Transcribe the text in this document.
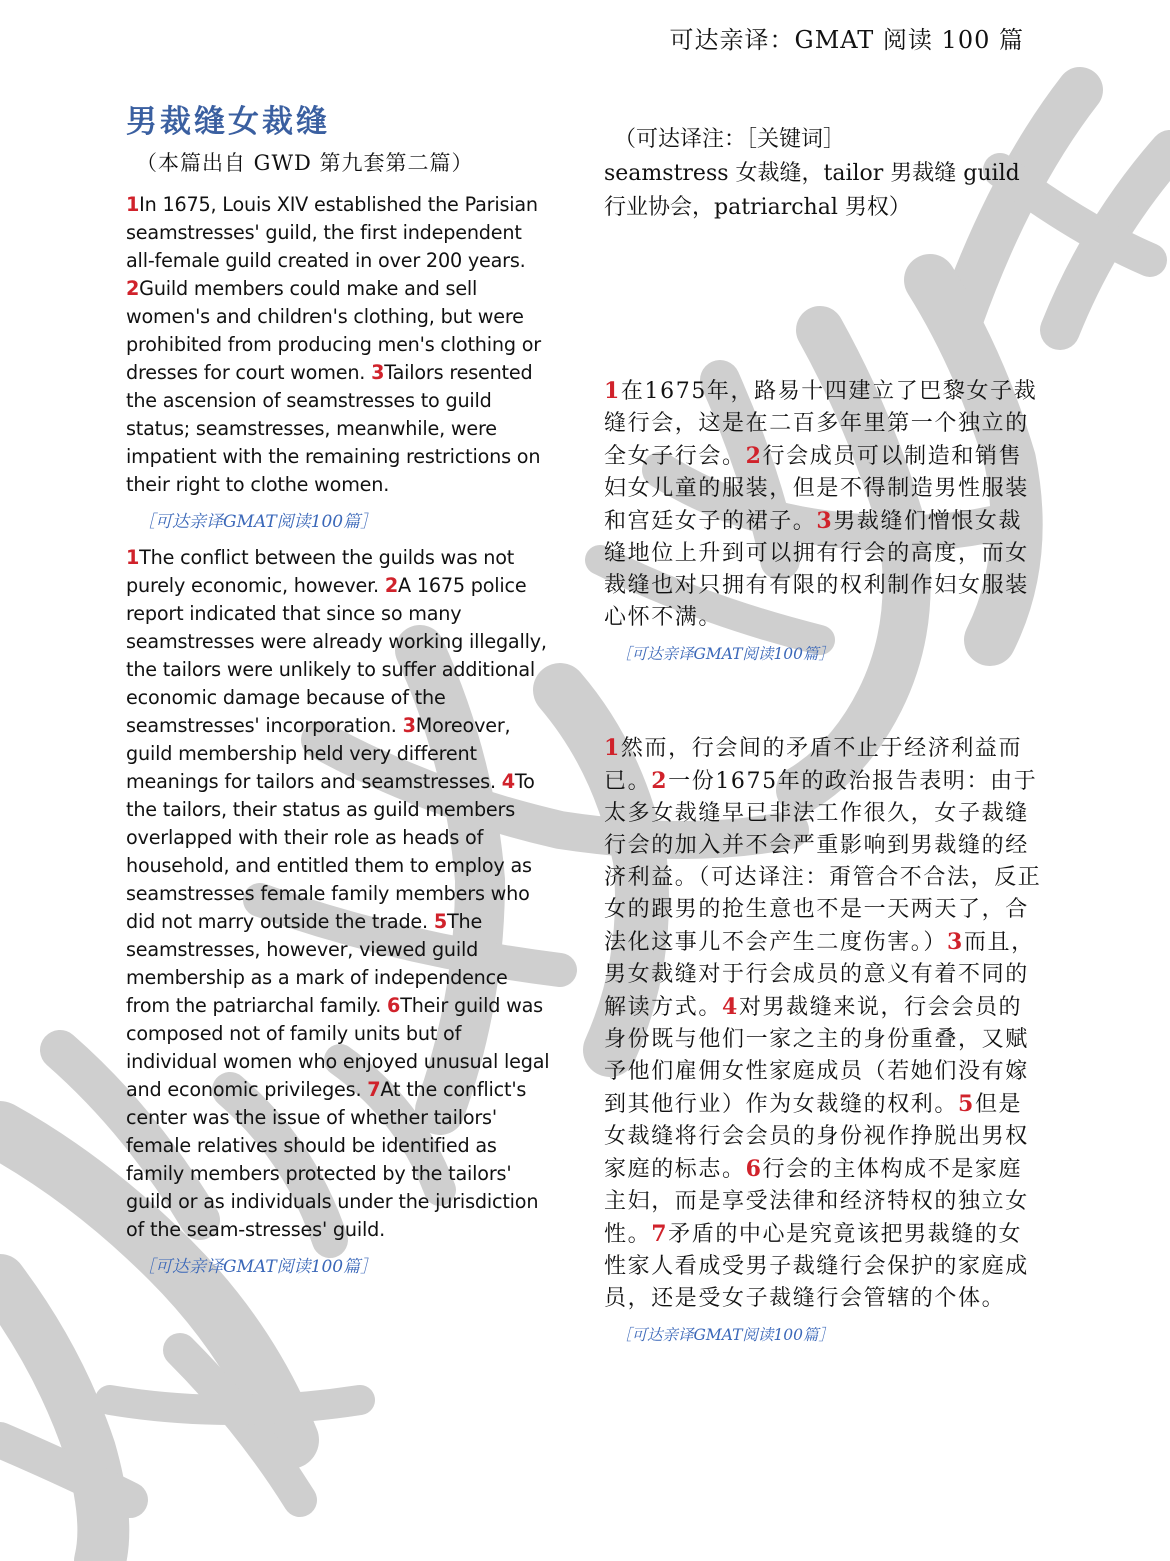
可达亲译：GMAT 阅读 100 篇
男裁缝女裁缝

（本篇出自 GWD 第九套第二篇）

1In 1675, Louis XIV established the Parisian seamstresses' guild, the first independent all-female guild created in over 200 years. 2Guild members could make and sell women's and children's clothing, but were prohibited from producing men's clothing or dresses for court women. 3Tailors resented the ascension of seamstresses to guild status; seamstresses, meanwhile, were impatient with the remaining restrictions on their right to clothe women.

［可达亲译GMAT阅读100篇］

1The conflict between the guilds was not purely economic, however. 2A 1675 police report indicated that since so many seamstresses were already working illegally, the tailors were unlikely to suffer additional economic damage because of the seamstresses' incorporation. 3Moreover, guild membership held very different meanings for tailors and seamstresses. 4To the tailors, their status as guild members overlapped with their role as heads of household, and entitled them to employ as seamstresses female family members who did not marry outside the trade. 5The seamstresses, however, viewed guild membership as a mark of independence from the patriarchal family. 6Their guild was composed not of family units but of individual women who enjoyed unusual legal and economic privileges. 7At the conflict's center was the issue of whether tailors' female relatives should be identified as family members protected by the tailors' guild or as individuals under the jurisdiction of the seam-stresses' guild.

［可达亲译GMAT阅读100篇］

（可达译注：［关键词］

seamstress 女裁缝，tailor 男裁缝 guild 行业协会，patriarchal 男权）

1在1675年，路易十四建立了巴黎女子裁缝行会，这是在二百多年里第一个独立的全女子行会。2行会成员可以制造和销售妇女儿童的服装，但是不得制造男性服装和宫廷女子的裙子。3男裁缝们憎恨女裁缝地位上升到可以拥有行会的高度，而女裁缝也对只拥有有限的权利制作妇女服装心怀不满。

［可达亲译GMAT阅读100篇］

1然而，行会间的矛盾不止于经济利益而已。2一份1675年的政治报告表明：由于太多女裁缝早已非法工作很久，女子裁缝行会的加入并不会严重影响到男裁缝的经济利益。（可达译注：甭管合不合法，反正女的跟男的抢生意也不是一天两天了，合法化这事儿不会产生二度伤害。）3而且，男女裁缝对于行会成员的意义有着不同的解读方式。4对男裁缝来说，行会会员的身份既与他们一家之主的身份重叠，又赋予他们雇佣女性家庭成员（若她们没有嫁到其他行业）作为女裁缝的权利。5但是女裁缝将行会会员的身份视作挣脱出男权家庭的标志。6行会的主体构成不是家庭主妇，而是享受法律和经济特权的独立女性。7矛盾的中心是究竟该把男裁缝的女性家人看成受男子裁缝行会保护的家庭成员，还是受女子裁缝行会管辖的个体。

［可达亲译GMAT阅读100篇］
